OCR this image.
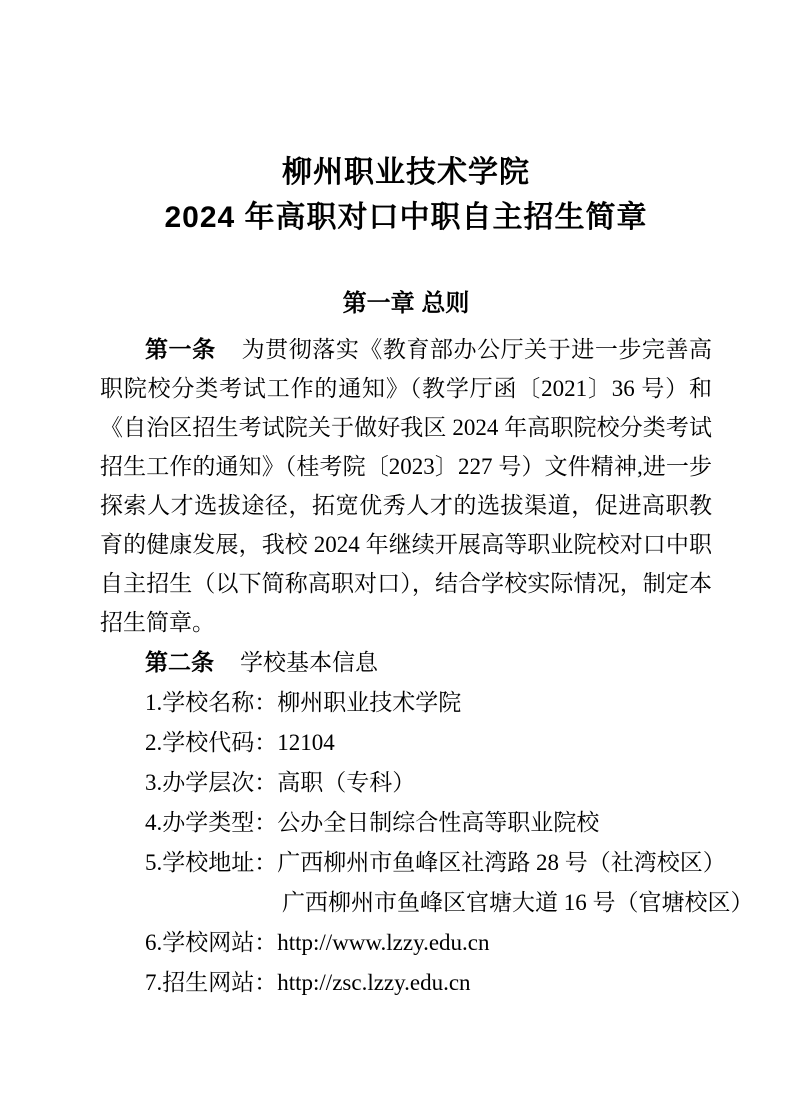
柳州职业技术学院
2024 年高职对口中职自主招生简章
第一章 总则

第一条 为贯彻落实《教育部办公厅关于进一步完善高职院校分类考试工作的通知》（教学厅函〔2021〕36 号）和《自治区招生考试院关于做好我区 2024 年高职院校分类考试招生工作的通知》（桂考院〔2023〕227 号）文件精神,进一步探索人才选拔途径，拓宽优秀人才的选拔渠道，促进高职教育的健康发展，我校 2024 年继续开展高等职业院校对口中职自主招生（以下简称高职对口），结合学校实际情况，制定本招生简章。

第二条 学校基本信息

1.学校名称：柳州职业技术学院
2.学校代码：12104
3.办学层次：高职（专科）
4.办学类型：公办全日制综合性高等职业院校
5.学校地址：广西柳州市鱼峰区社湾路 28 号（社湾校区）
广西柳州市鱼峰区官塘大道 16 号（官塘校区）
6.学校网站：http://www.lzzy.edu.cn
7.招生网站：http://zsc.lzzy.edu.cn
